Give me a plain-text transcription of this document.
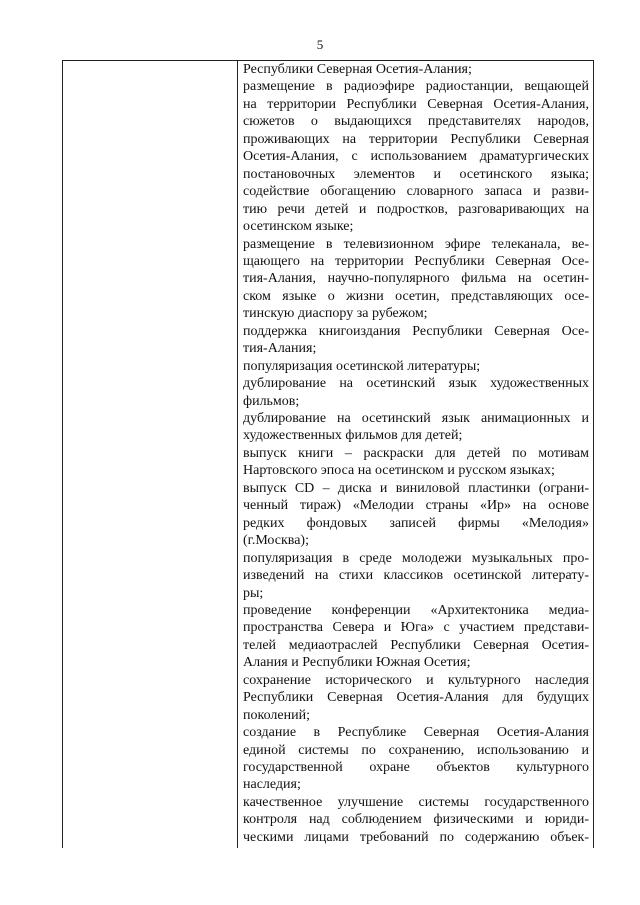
5
Республики Северная Осетия-Алания;
размещение в радиоэфире радиостанции, вещающей
на территории Республики Северная Осетия-Алания,
сюжетов о выдающихся представителях народов,
проживающих на территории Республики Северная
Осетия-Алания, с использованием драматургических
постановочных элементов и осетинского языка;
содействие обогащению словарного запаса и разви-
тию речи детей и подростков, разговаривающих на
осетинском языке;
размещение в телевизионном эфире телеканала, ве-
щающего на территории Республики Северная Осе-
тия-Алания, научно-популярного фильма на осетин-
ском языке о жизни осетин, представляющих осе-
тинскую диаспору за рубежом;
поддержка книгоиздания Республики Северная Осе-
тия-Алания;
популяризация осетинской литературы;
дублирование на осетинский язык художественных
фильмов;
дублирование на осетинский язык анимационных и
художественных фильмов для детей;
выпуск книги – раскраски для детей по мотивам
Нартовского эпоса на осетинском и русском языках;
выпуск CD – диска и виниловой пластинки (ограни-
ченный тираж) «Мелодии страны «Ир» на основе
редких фондовых записей фирмы «Мелодия»
(г.Москва);
популяризация в среде молодежи музыкальных про-
изведений на стихи классиков осетинской литерату-
ры;
проведение конференции «Архитектоника медиа-
пространства Севера и Юга» с участием представи-
телей медиаотраслей Республики Северная Осетия-
Алания и Республики Южная Осетия;
сохранение исторического и культурного наследия
Республики Северная Осетия-Алания для будущих
поколений;
создание в Республике Северная Осетия-Алания
единой системы по сохранению, использованию и
государственной охране объектов культурного
наследия;
качественное улучшение системы государственного
контроля над соблюдением физическими и юриди-
ческими лицами требований по содержанию объек-
